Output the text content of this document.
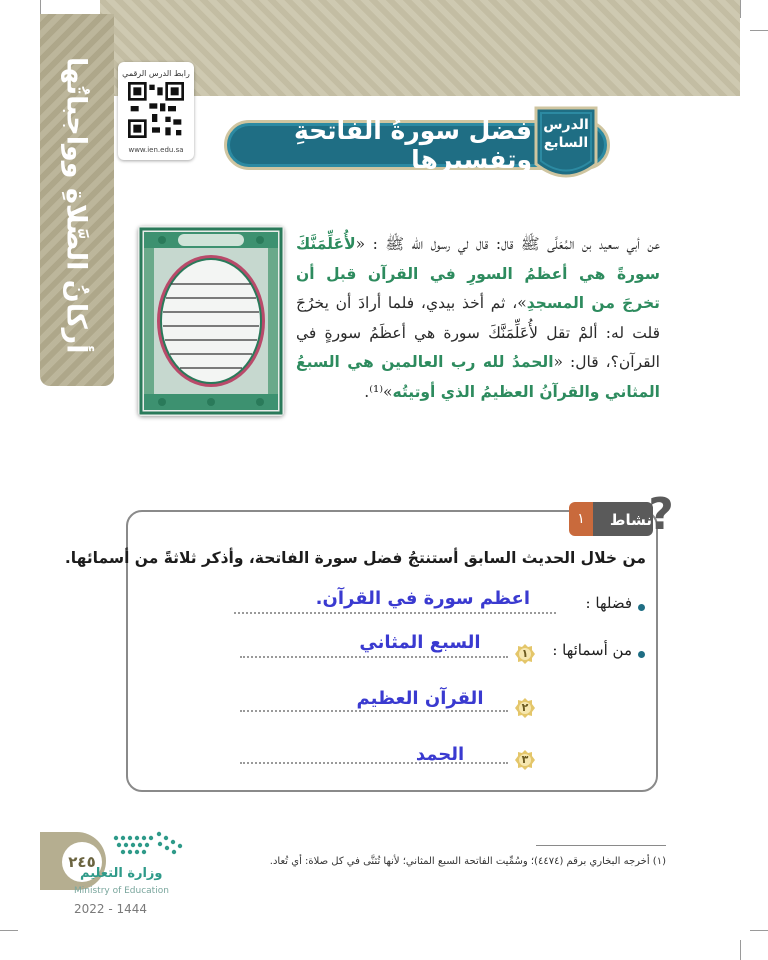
أركانُ الصَّلاةِ وواجباتُها	رابط الدرس الرقمي
www.ien.edu.sa
فضل سورةُ الفاتحةِ وتفسيرها
الدرس
السابع
عن أبي سعيد بن المُعَلَّى ﷺ قال: قال لي رسول الله ﷺ : «لأُعَلِّمَنَّكَ سورةً هي أعظمُ السورِ في القرآن قبل أن تخرجَ من المسجدِ»، ثم أخذ بيدي، فلما أرادَ أن يخرُجَ قلت له: ألمْ تقل لأُعَلِّمَنَّكَ سورة هي أعظَمُ سورةٍ في القرآن؟، قال: «الحمدُ لله رب العالمين هي السبعُ المثاني والقرآنُ العظيمُ الذي أوتيتُه»⁽¹⁾.
نشاط
١ ?
من خلال الحديث السابق أستنتجُ فضل سورة الفاتحة، وأذكر ثلاثةً من أسمائها.
فضلها :
اعظم سورة في القرآن.
من أسمائها :
١
السبع المثاني
٢
القرآن العظيم
٣
الحمد
(١) أخرجه البخاري برقم (٤٤٧٤)؛ وسُمِّيت الفاتحة السبع المثاني؛ لأنها تُثنَّى في كل صلاة: أي تُعاد.
٢٤٥
وزارة التعليم
Ministry of Education
2022 - 1444
